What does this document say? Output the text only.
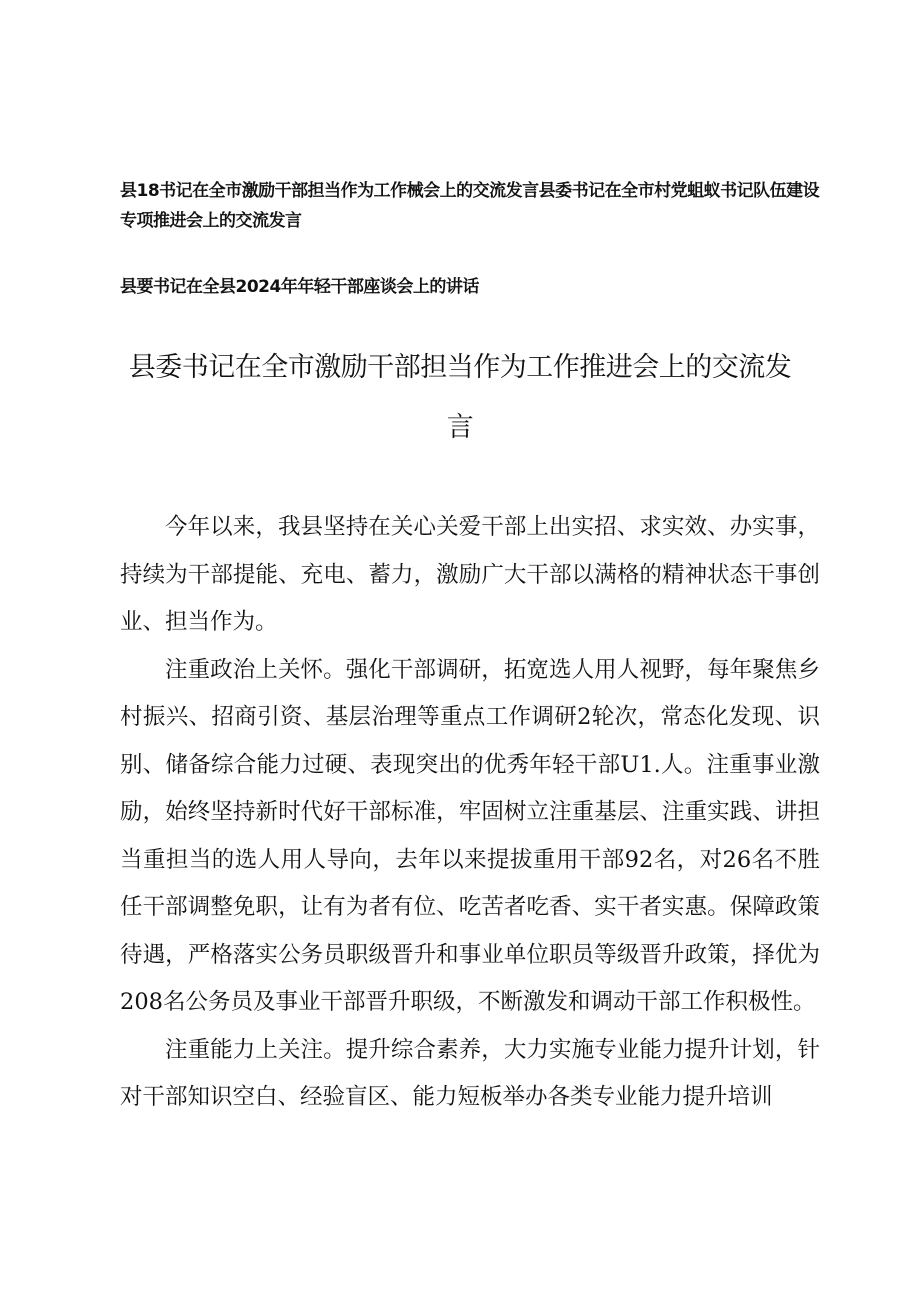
县18书记在全市激励干部担当作为工作械会上的交流发言县委书记在全市村党蛆蚁书记队伍建设专项推进会上的交流发言
县要书记在全县2024年年轻干部座谈会上的讲话
县委书记在全市激励干部担当作为工作推进会上的交流发言

今年以来，我县坚持在关心关爱干部上出实招、求实效、办实事，持续为干部提能、充电、蓄力，激励广大干部以满格的精神状态干事创业、担当作为。

注重政治上关怀。强化干部调研，拓宽选人用人视野，每年聚焦乡村振兴、招商引资、基层治理等重点工作调研2轮次，常态化发现、识别、储备综合能力过硬、表现突出的优秀年轻干部U1.人。注重事业激励，始终坚持新时代好干部标准，牢固树立注重基层、注重实践、讲担当重担当的选人用人导向，去年以来提拔重用干部92名，对26名不胜任干部调整免职，让有为者有位、吃苦者吃香、实干者实惠。保障政策待遇，严格落实公务员职级晋升和事业单位职员等级晋升政策，择优为208名公务员及事业干部晋升职级，不断激发和调动干部工作积极性。

注重能力上关注。提升综合素养，大力实施专业能力提升计划，针对干部知识空白、经验盲区、能力短板举办各类专业能力提升培训
